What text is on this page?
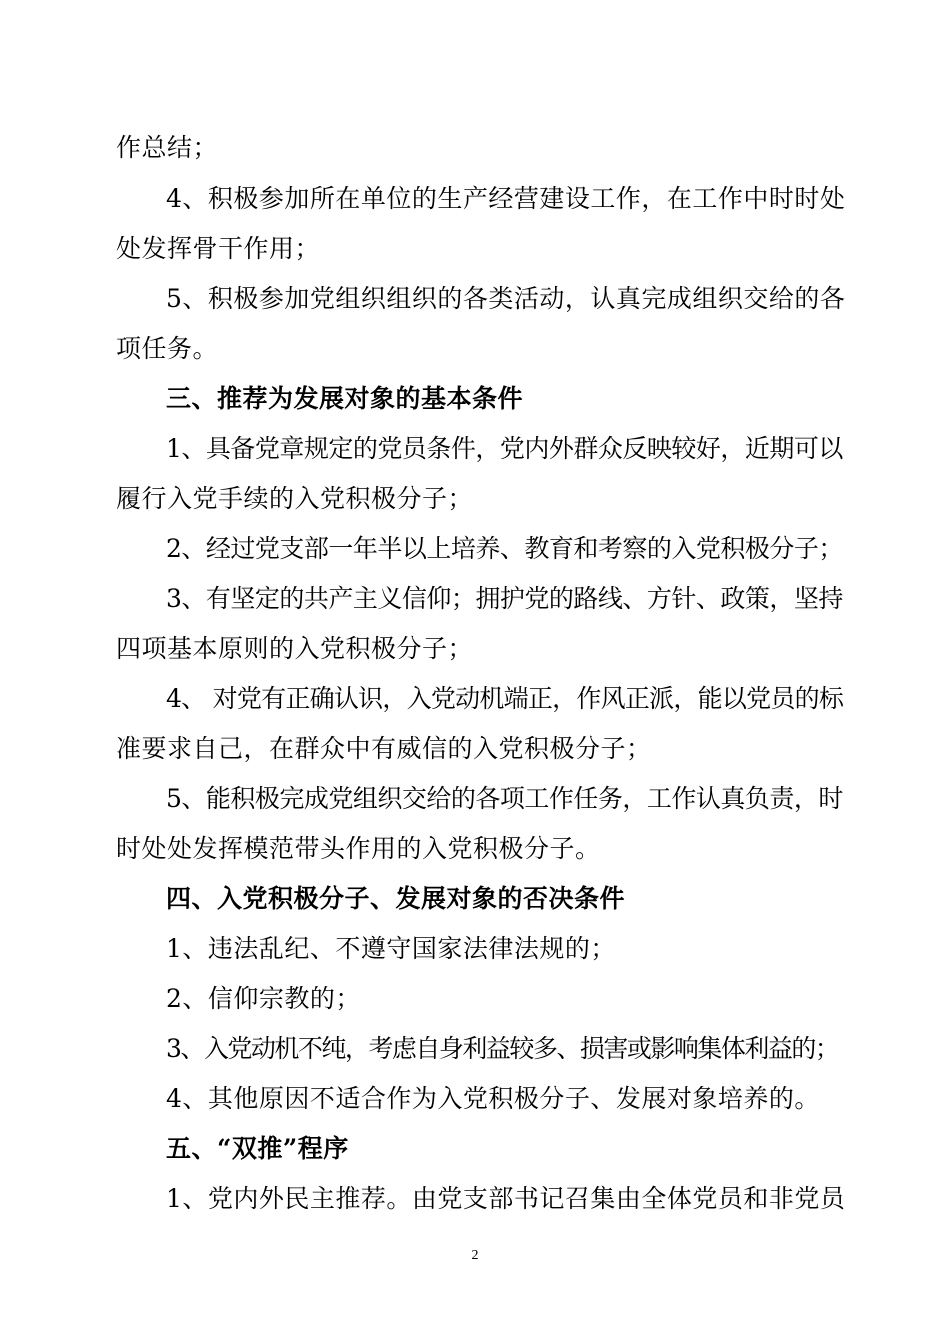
作总结；
4、积极参加所在单位的生产经营建设工作，在工作中时时处
处发挥骨干作用；
5、积极参加党组织组织的各类活动，认真完成组织交给的各
项任务。
三、推荐为发展对象的基本条件
1、具备党章规定的党员条件，党内外群众反映较好，近期可以
履行入党手续的入党积极分子；
2、经过党支部一年半以上培养、教育和考察的入党积极分子；
3、有坚定的共产主义信仰；拥护党的路线、方针、政策，坚持
四项基本原则的入党积极分子；
4、 对党有正确认识，入党动机端正，作风正派，能以党员的标
准要求自己，在群众中有威信的入党积极分子；
5、能积极完成党组织交给的各项工作任务，工作认真负责，时
时处处发挥模范带头作用的入党积极分子。
四、入党积极分子、发展对象的否决条件
1、违法乱纪、不遵守国家法律法规的；
2、信仰宗教的；
3、入党动机不纯，考虑自身利益较多、损害或影响集体利益的；
4、其他原因不适合作为入党积极分子、发展对象培养的。
五、“双推”程序
1、党内外民主推荐。由党支部书记召集由全体党员和非党员
2
